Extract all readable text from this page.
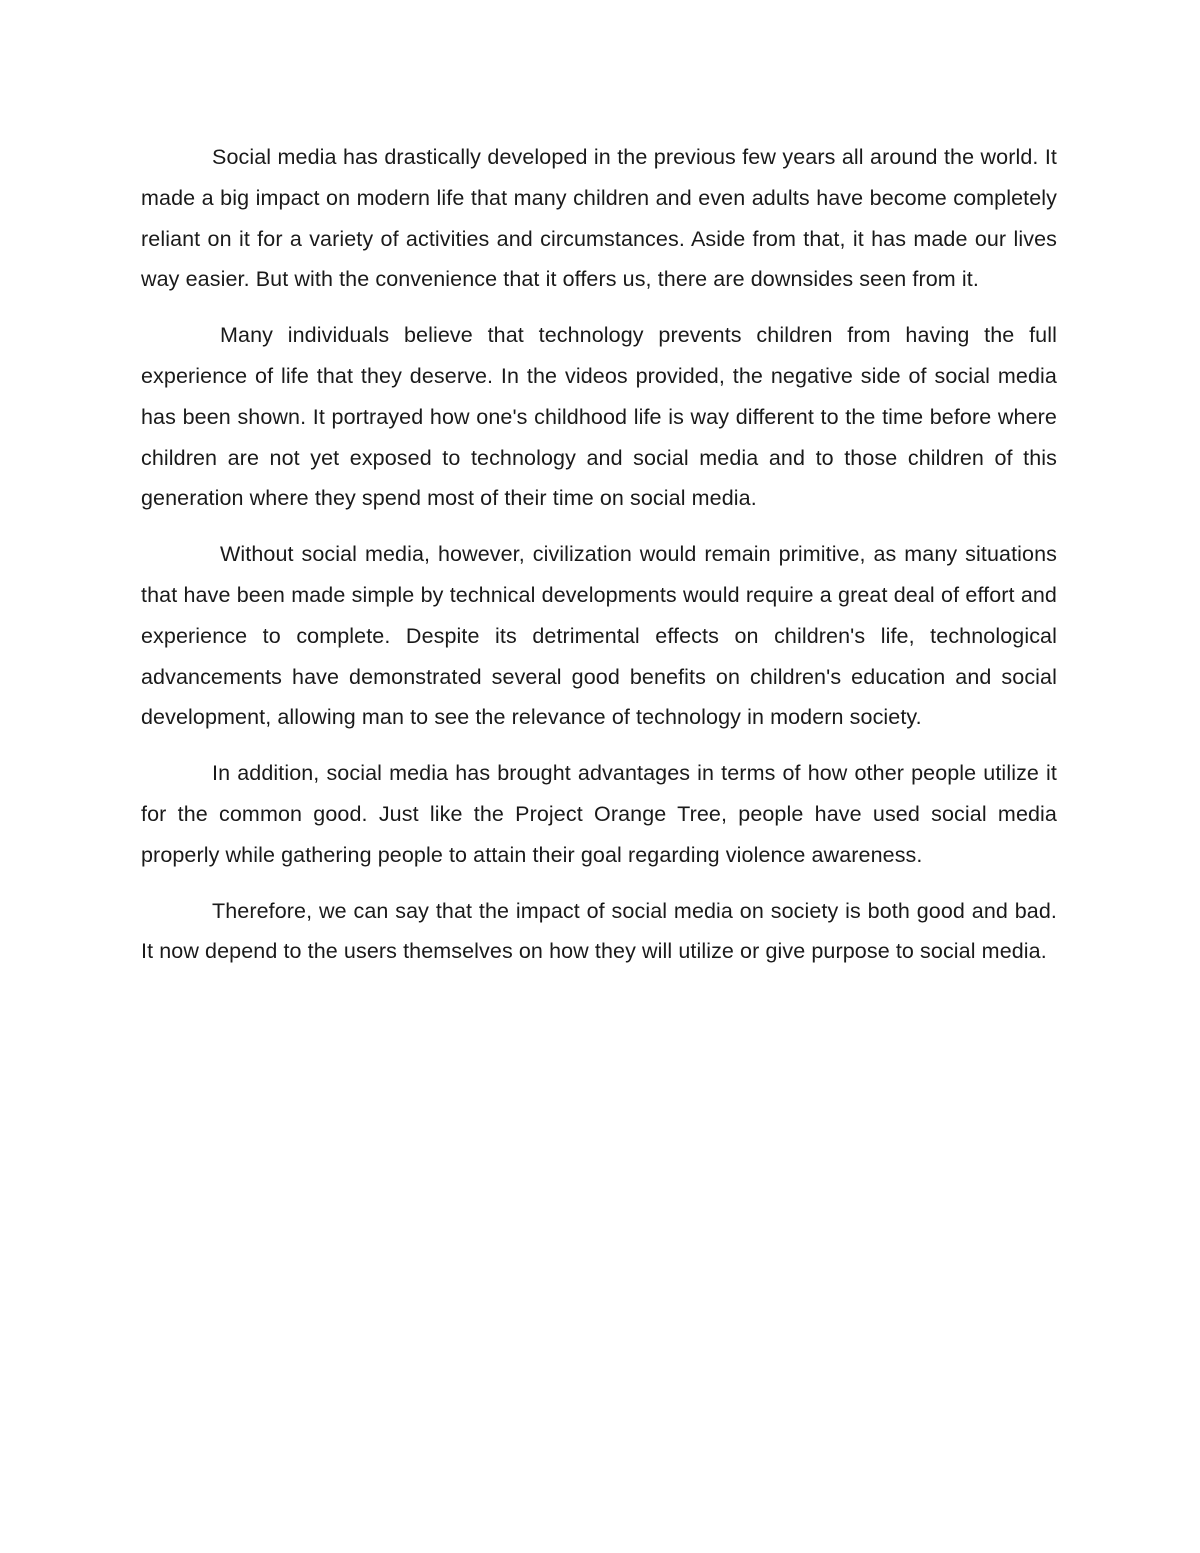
Social media has drastically developed in the previous few years all around the world. It made a big impact on modern life that many children and even adults have become completely reliant on it for a variety of activities and circumstances. Aside from that, it has made our lives way easier. But with the convenience that it offers us, there are downsides seen from it.

Many individuals believe that technology prevents children from having the full experience of life that they deserve. In the videos provided, the negative side of social media has been shown. It portrayed how one's childhood life is way different to the time before where children are not yet exposed to technology and social media and to those children of this generation where they spend most of their time on social media.

Without social media, however, civilization would remain primitive, as many situations that have been made simple by technical developments would require a great deal of effort and experience to complete. Despite its detrimental effects on children's life, technological advancements have demonstrated several good benefits on children's education and social development, allowing man to see the relevance of technology in modern society.

In addition, social media has brought advantages in terms of how other people utilize it for the common good. Just like the Project Orange Tree, people have used social media properly while gathering people to attain their goal regarding violence awareness.

Therefore, we can say that the impact of social media on society is both good and bad. It now depend to the users themselves on how they will utilize or give purpose to social media.
